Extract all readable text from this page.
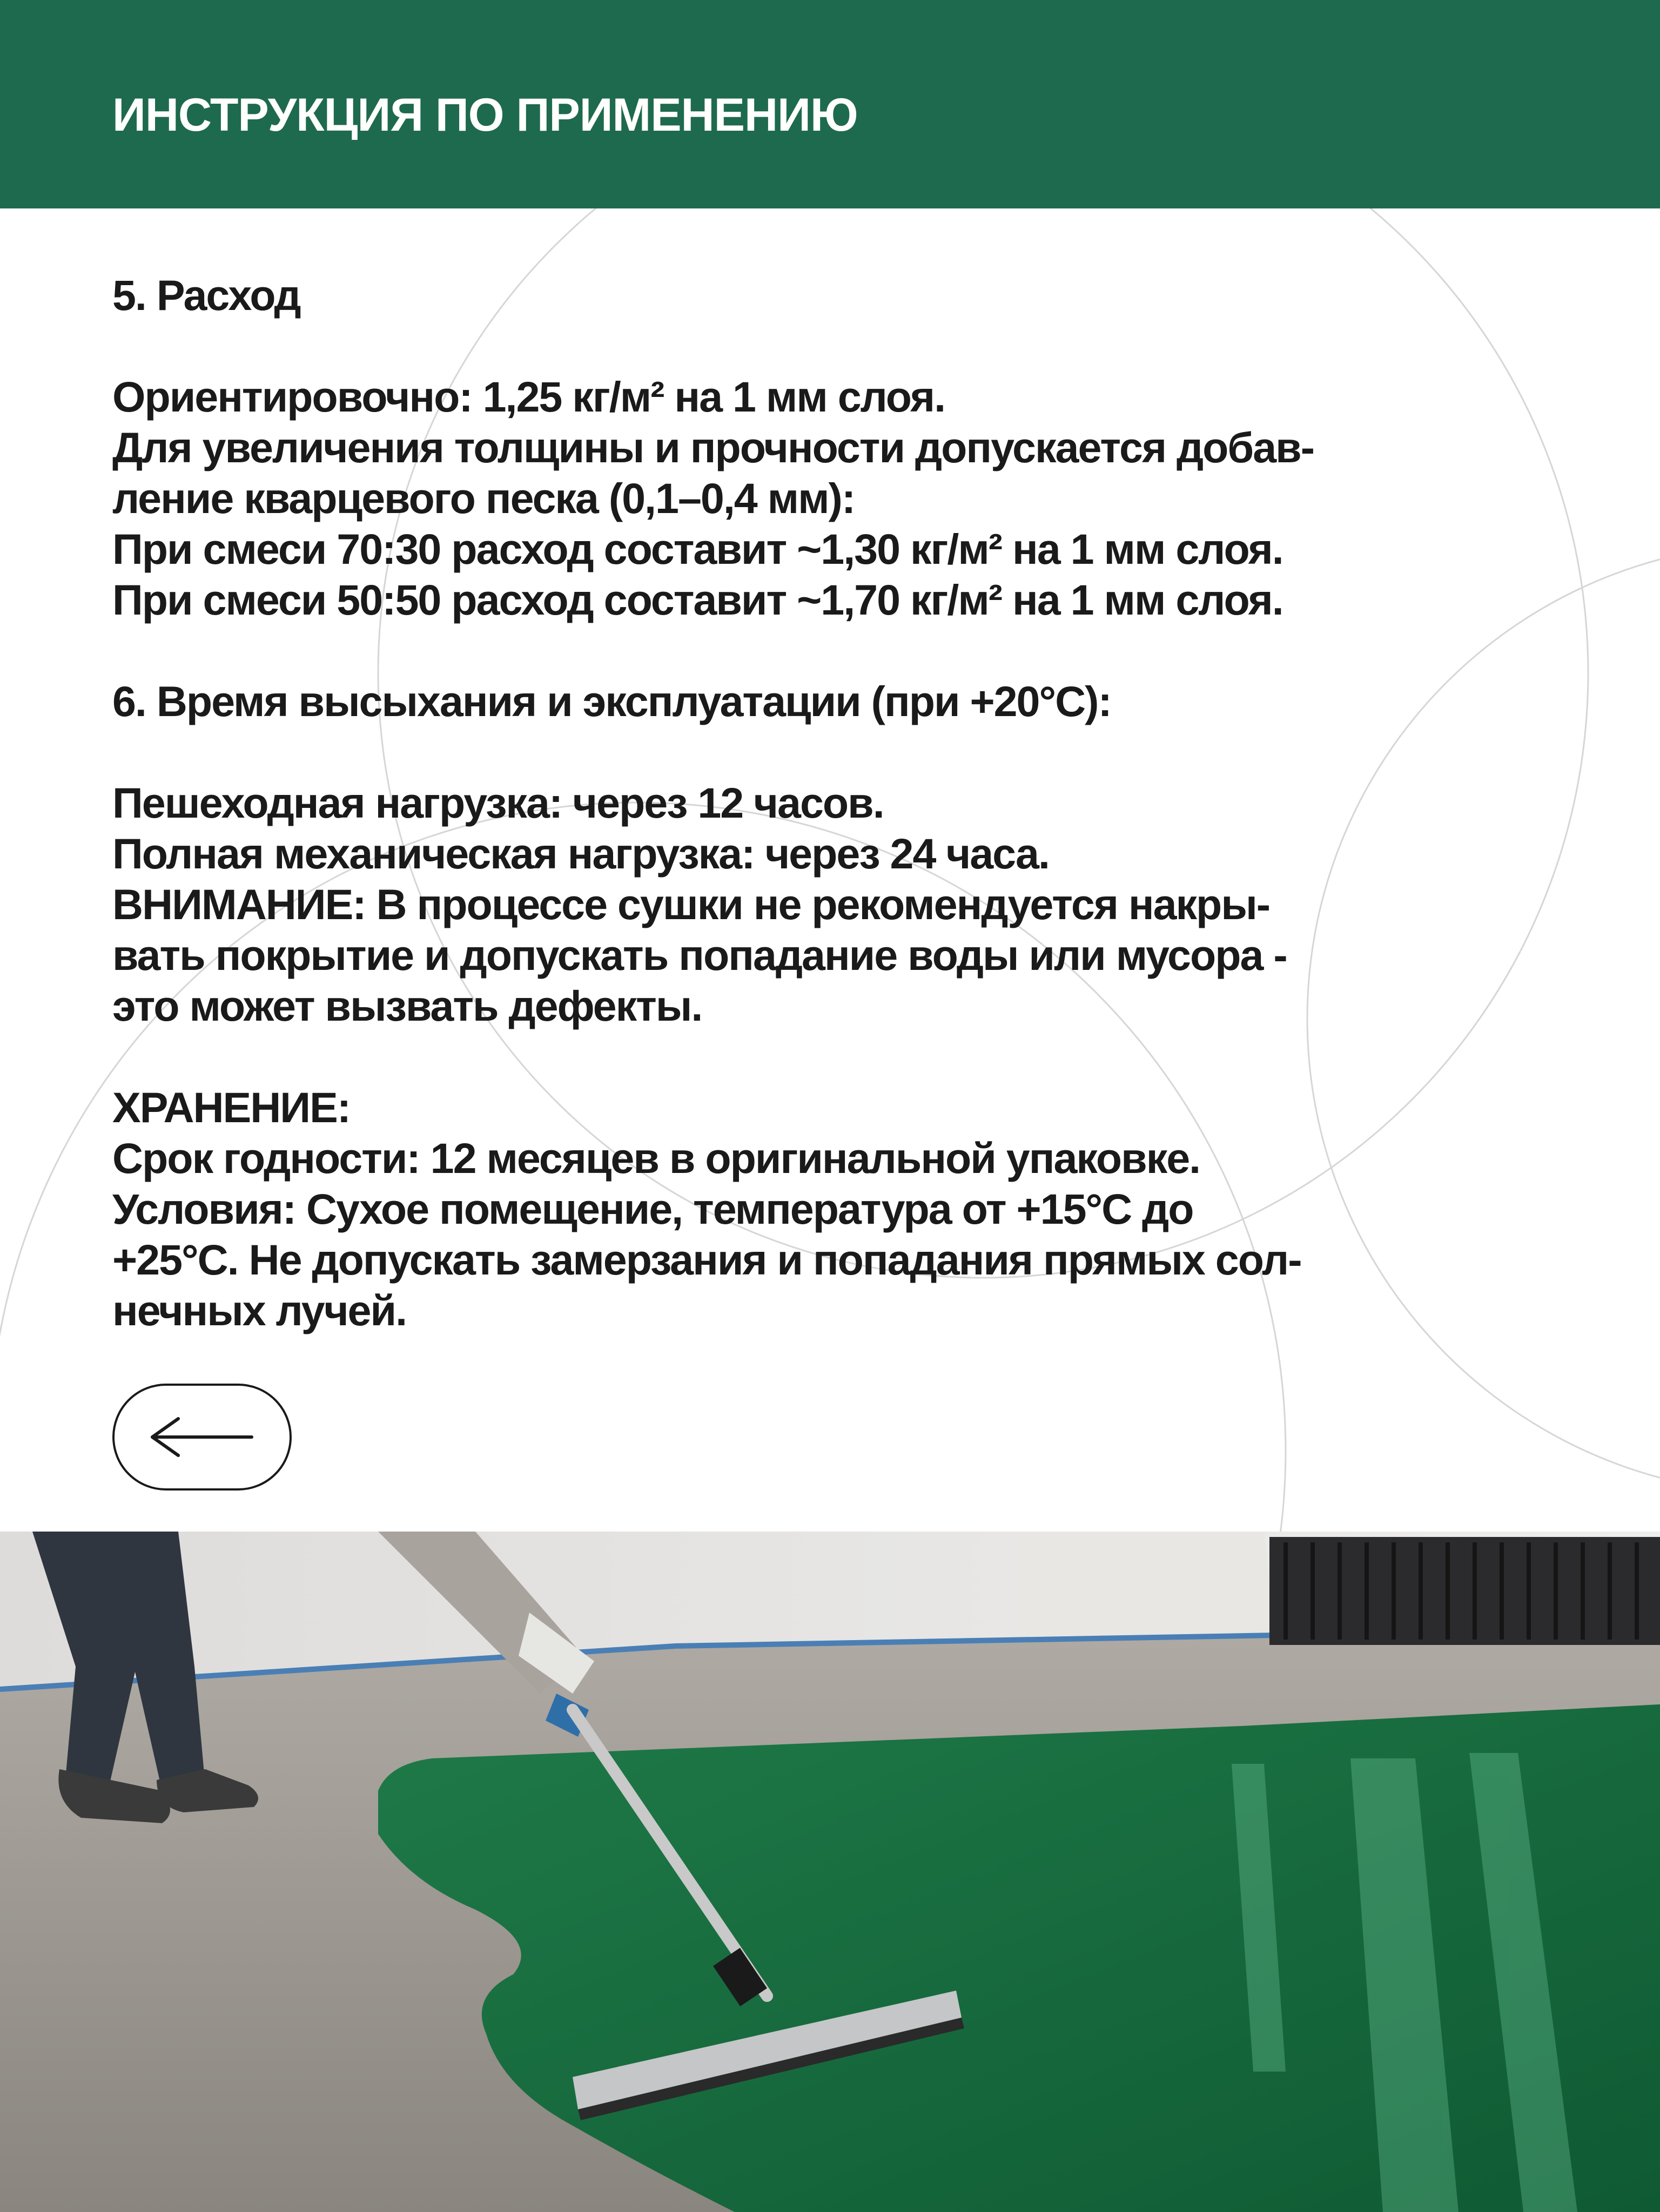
ИНСТРУКЦИЯ ПО ПРИМЕНЕНИЮ

5. Расход

Ориентировочно: 1,25 кг/м² на 1 мм слоя.

Для увеличения толщины и прочности допускается добав-

ление кварцевого песка (0,1–0,4 мм):

При смеси 70:30 расход составит ~1,30 кг/м² на 1 мм слоя.

При смеси 50:50 расход составит ~1,70 кг/м² на 1 мм слоя.

6. Время высыхания и эксплуатации (при +20°C):

Пешеходная нагрузка: через 12 часов.

Полная механическая нагрузка: через 24 часа.

ВНИМАНИЕ: В процессе сушки не рекомендуется накры-

вать покрытие и допускать попадание воды или мусора -

это может вызвать дефекты.

ХРАНЕНИЕ:

Срок годности: 12 месяцев в оригинальной упаковке.

Условия: Сухое помещение, температура от +15°C до

+25°C. Не допускать замерзания и попадания прямых сол-

нечных лучей.
